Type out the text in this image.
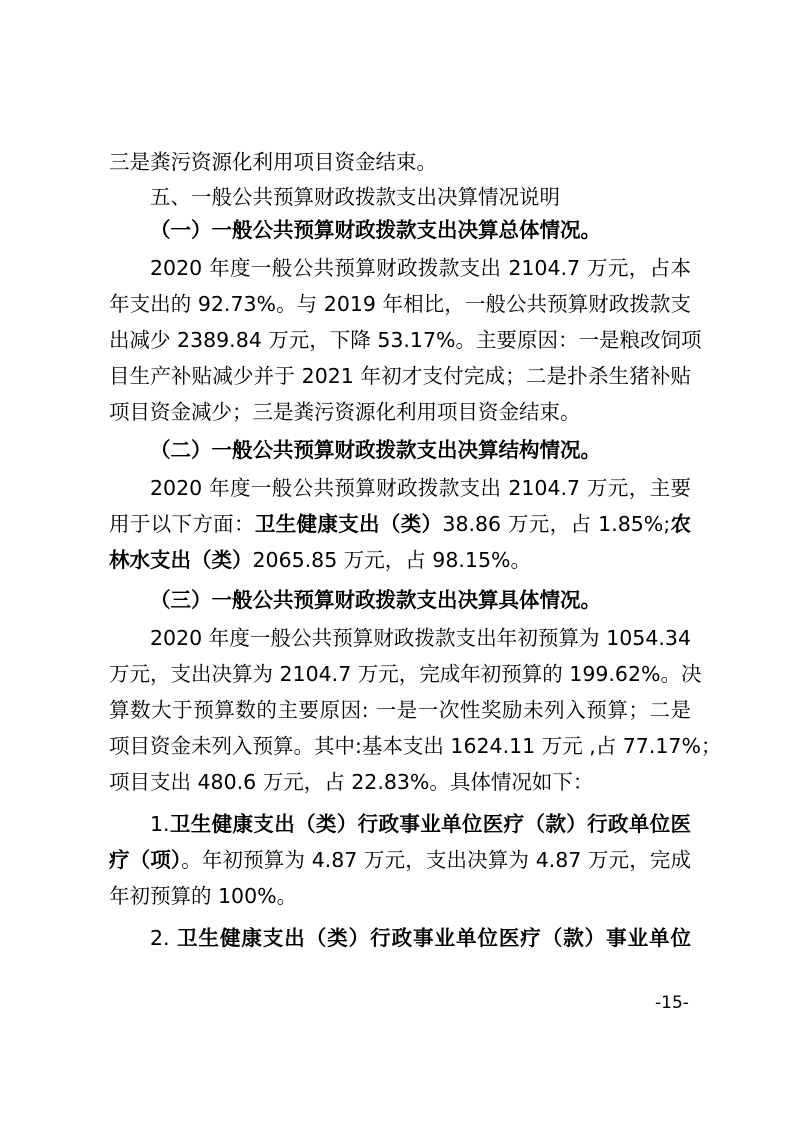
三是粪污资源化利用项目资金结束。
五、一般公共预算财政拨款支出决算情况说明
（一）一般公共预算财政拨款支出决算总体情况。
2020 年度一般公共预算财政拨款支出 2104.7 万元，占本
年支出的 92.73%。与 2019 年相比，一般公共预算财政拨款支
出减少 2389.84 万元，下降 53.17%。主要原因：一是粮改饲项
目生产补贴减少并于 2021 年初才支付完成；二是扑杀生猪补贴
项目资金减少；三是粪污资源化利用项目资金结束。
（二）一般公共预算财政拨款支出决算结构情况。
2020 年度一般公共预算财政拨款支出 2104.7 万元，主要
用于以下方面：卫生健康支出（类）38.86 万元，占 1.85%;农
林水支出（类）2065.85 万元，占 98.15%。
（三）一般公共预算财政拨款支出决算具体情况。
2020 年度一般公共预算财政拨款支出年初预算为 1054.34
万元，支出决算为 2104.7 万元，完成年初预算的 199.62%。决
算数大于预算数的主要原因: 一是一次性奖励未列入预算；二是
项目资金未列入预算。其中:基本支出 1624.11 万元 ,占 77.17%；
项目支出 480.6 万元，占 22.83%。具体情况如下：
1.卫生健康支出（类）行政事业单位医疗（款）行政单位医
疗（项）。年初预算为 4.87 万元，支出决算为 4.87 万元，完成
年初预算的 100%。
2. 卫生健康支出（类）行政事业单位医疗（款）事业单位
-15-
